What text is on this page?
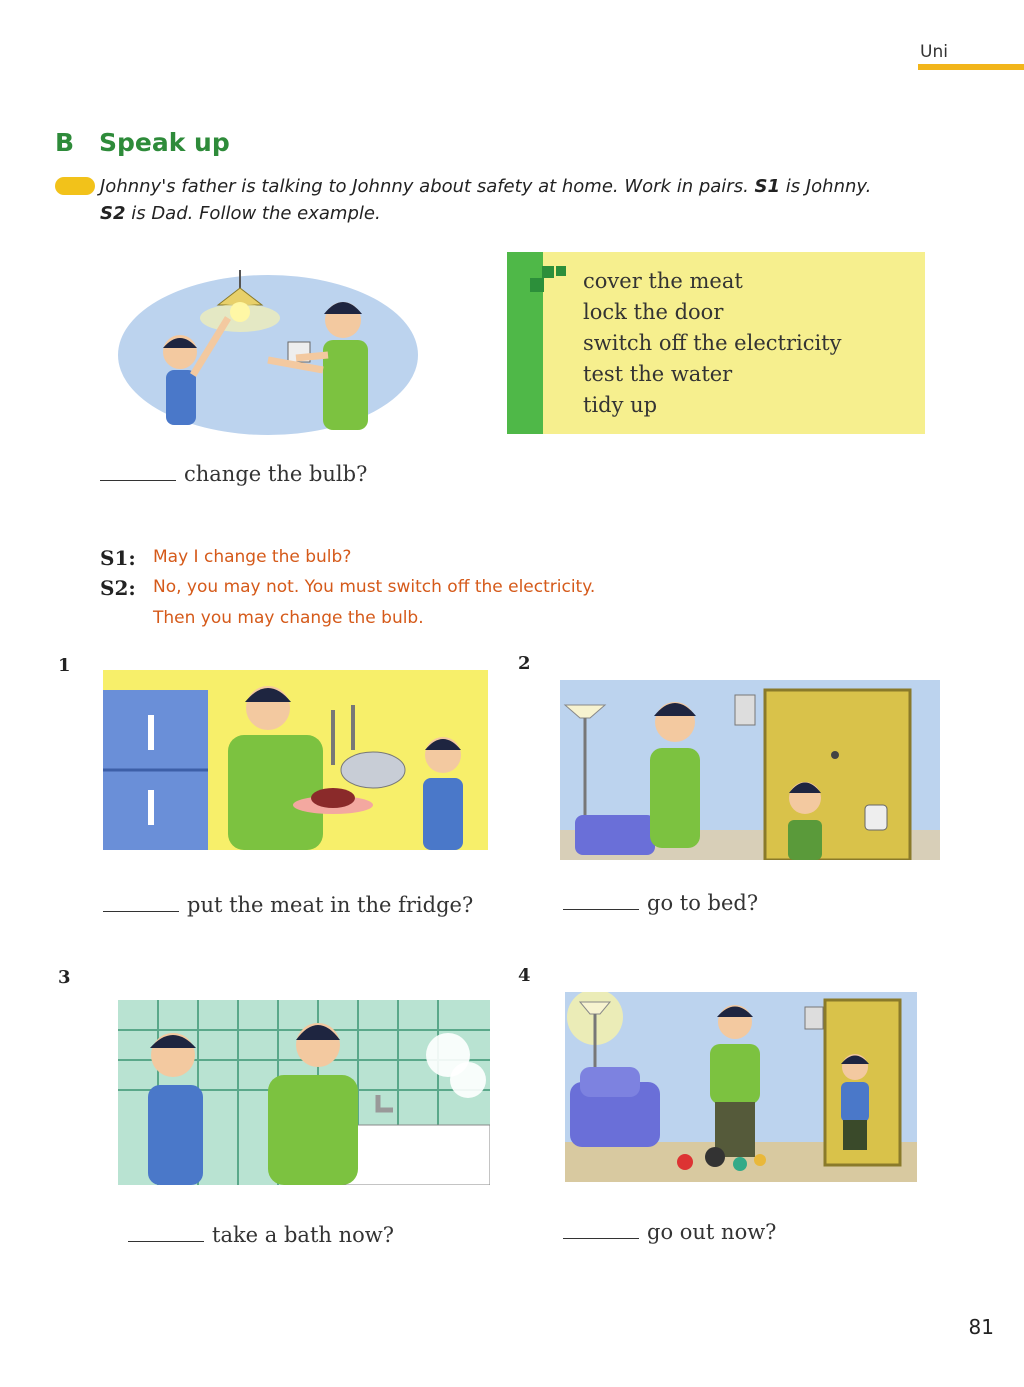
Uni
B Speak up
Johnny's father is talking to Johnny about safety at home. Work in pairs. S1 is Johnny. S2 is Dad. Follow the example.
cover the meat
lock the door
switch off the electricity
test the water
tidy up
change the bulb?
S1: May I change the bulb?
S2: No, you may not. You must switch off the electricity.
Then you may change the bulb.
1
put the meat in the fridge?
2
go to bed?
3
take a bath now?
4
go out now?
81
